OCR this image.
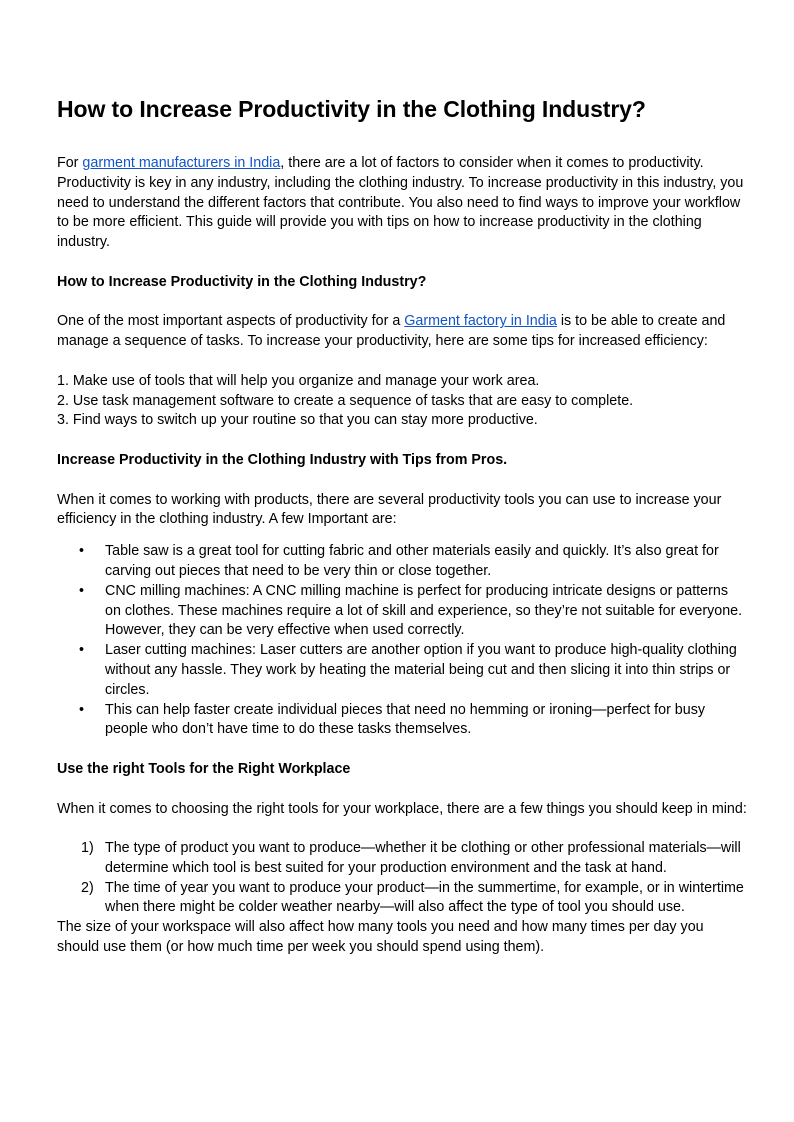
How to Increase Productivity in the Clothing Industry?

For garment manufacturers in India, there are a lot of factors to consider when it comes to productivity. Productivity is key in any industry, including the clothing industry. To increase productivity in this industry, you need to understand the different factors that contribute. You also need to find ways to improve your workflow to be more efficient. This guide will provide you with tips on how to increase productivity in the clothing industry.

How to Increase Productivity in the Clothing Industry?

One of the most important aspects of productivity for a Garment factory in India is to be able to create and manage a sequence of tasks. To increase your productivity, here are some tips for increased efficiency:

1. Make use of tools that will help you organize and manage your work area.

2. Use task management software to create a sequence of tasks that are easy to complete.

3. Find ways to switch up your routine so that you can stay more productive.

Increase Productivity in the Clothing Industry with Tips from Pros.

When it comes to working with products, there are several productivity tools you can use to increase your efficiency in the clothing industry. A few Important are:

• Table saw is a great tool for cutting fabric and other materials easily and quickly. It’s also great for carving out pieces that need to be very thin or close together.
• CNC milling machines: A CNC milling machine is perfect for producing intricate designs or patterns on clothes. These machines require a lot of skill and experience, so they’re not suitable for everyone. However, they can be very effective when used correctly.
• Laser cutting machines: Laser cutters are another option if you want to produce high-quality clothing without any hassle. They work by heating the material being cut and then slicing it into thin strips or circles.
• This can help faster create individual pieces that need no hemming or ironing—perfect for busy people who don’t have time to do these tasks themselves.
Use the right Tools for the Right Workplace

When it comes to choosing the right tools for your workplace, there are a few things you should keep in mind:

1) The type of product you want to produce—whether it be clothing or other professional materials—will determine which tool is best suited for your production environment and the task at hand.
2) The time of year you want to produce your product—in the summertime, for example, or in wintertime when there might be colder weather nearby—will also affect the type of tool you should use.

The size of your workspace will also affect how many tools you need and how many times per day you should use them (or how much time per week you should spend using them).
